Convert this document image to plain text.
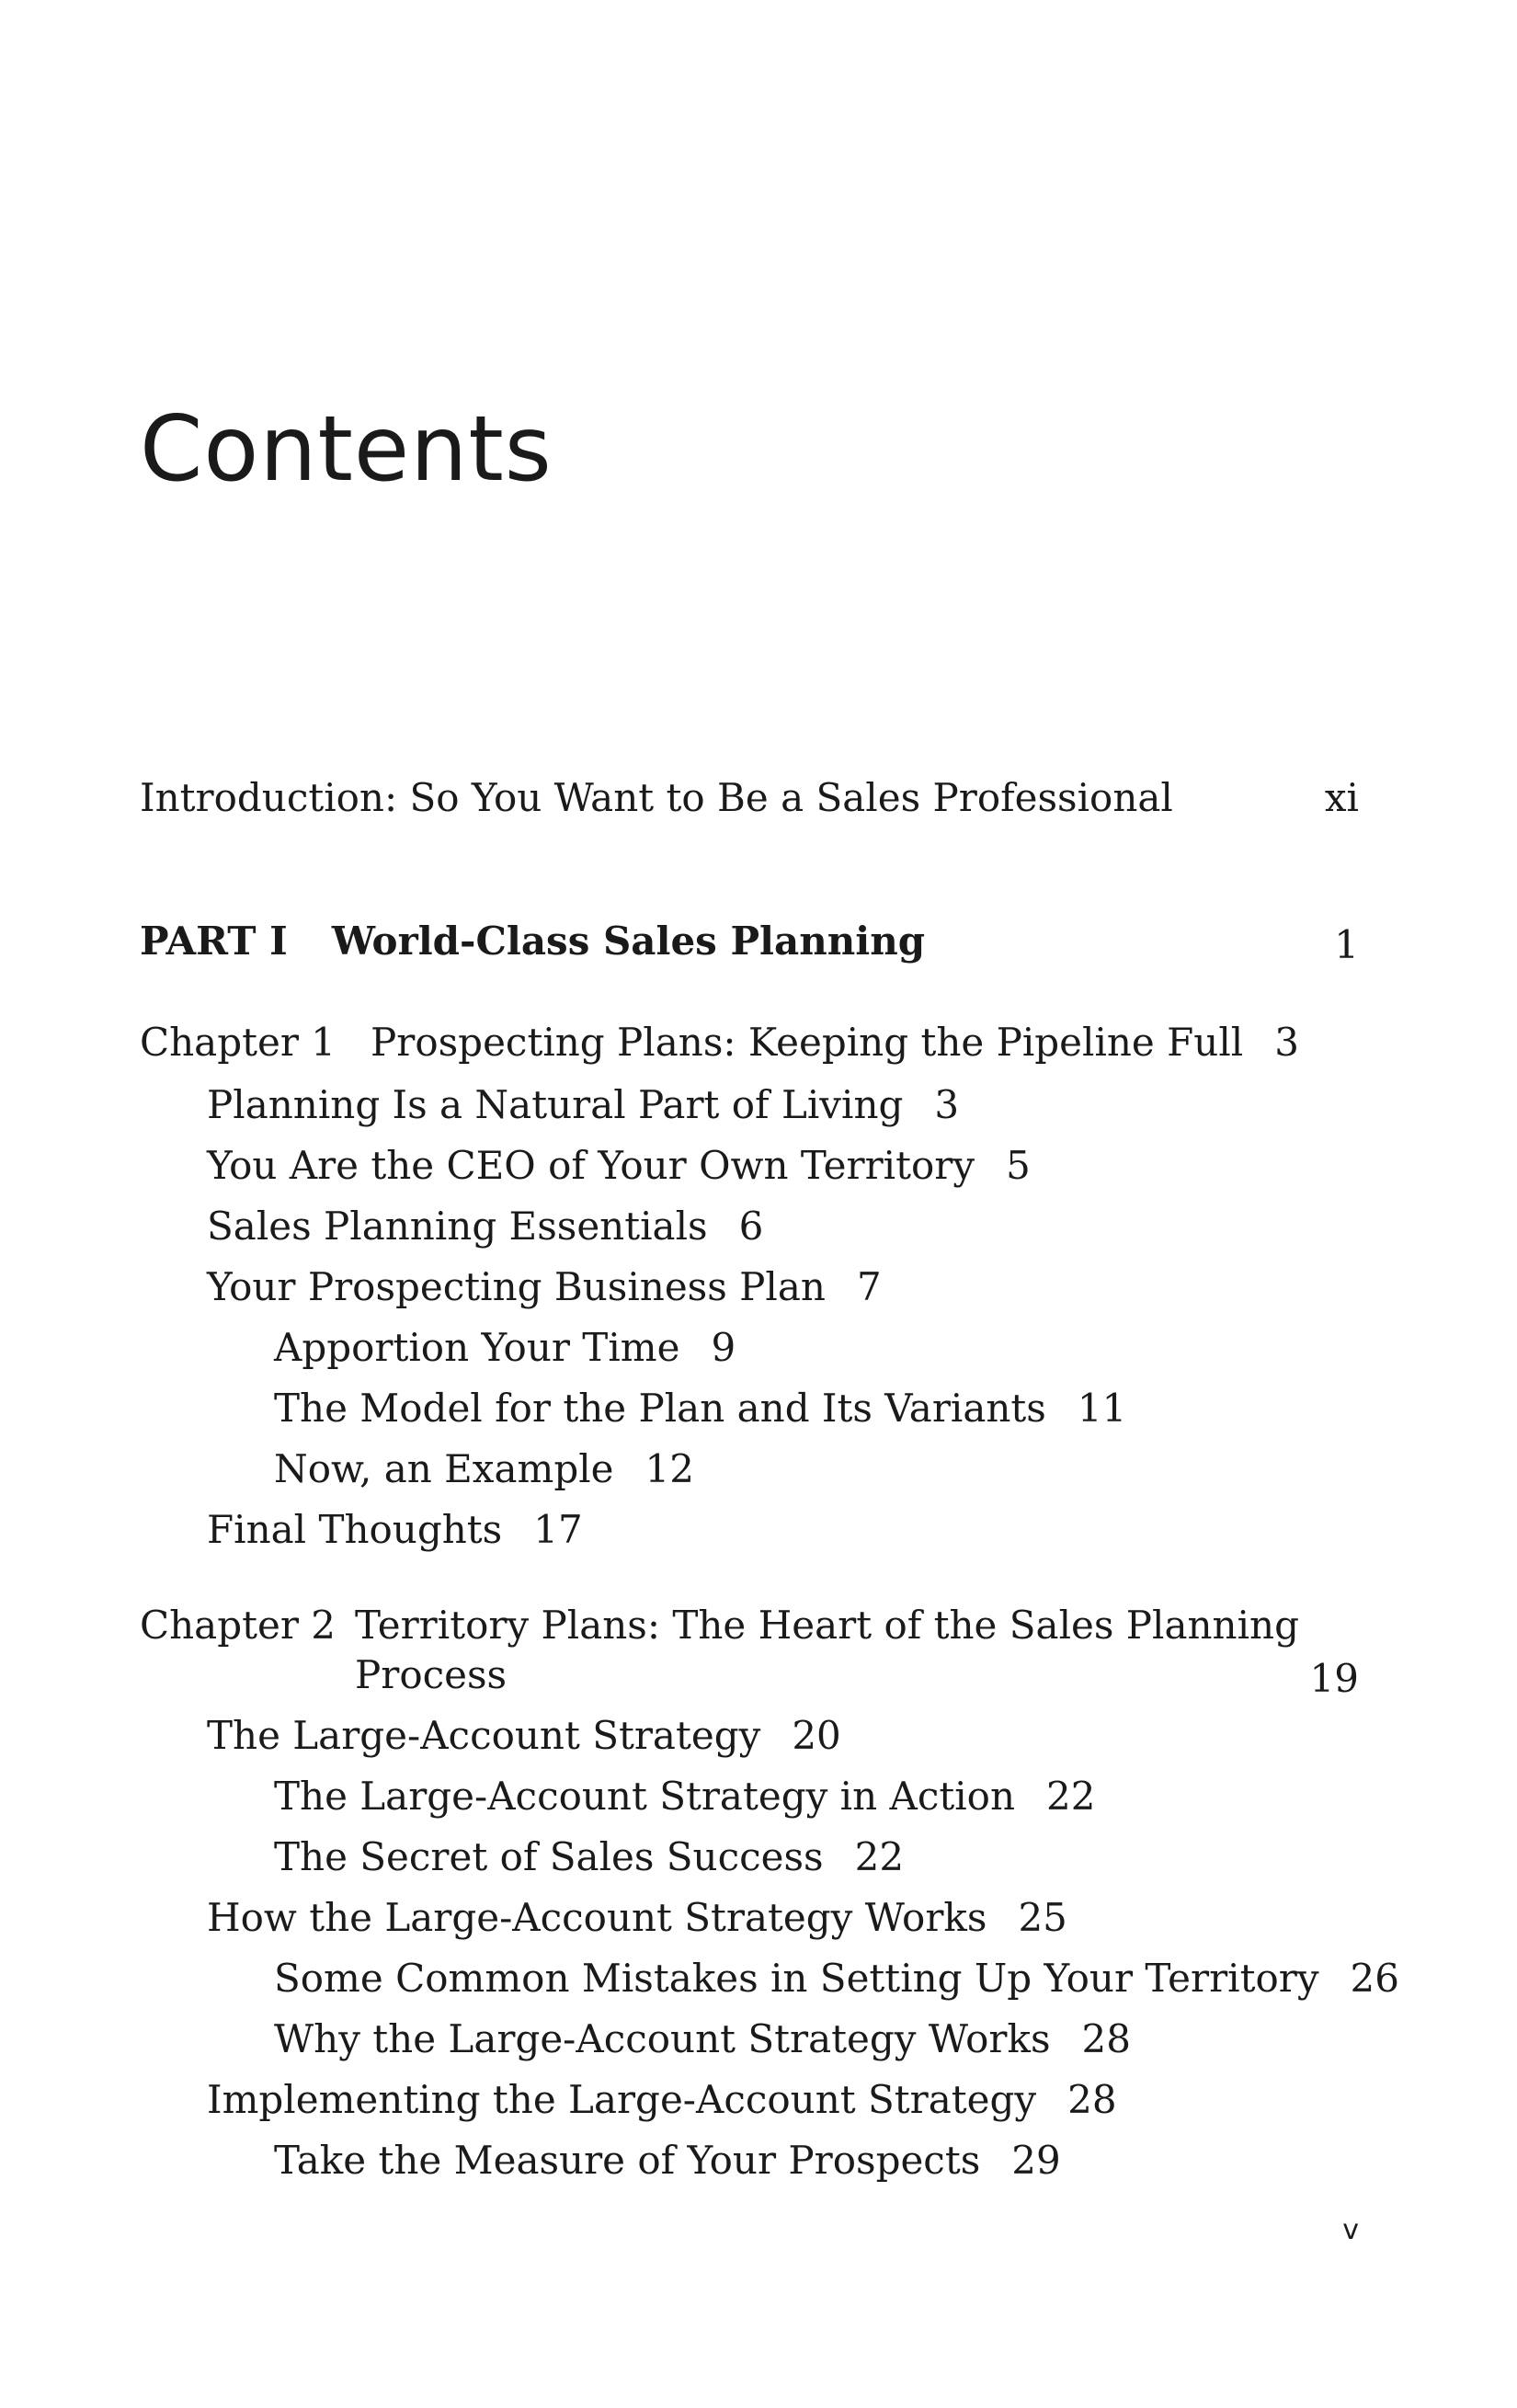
Contents
Introduction: So You Want to Be a Sales Professional	xi
PART I World-Class Sales Planning	1
Chapter 1 Prospecting Plans: Keeping the Pipeline Full 3
Planning Is a Natural Part of Living 3
You Are the CEO of Your Own Territory 5
Sales Planning Essentials 6
Your Prospecting Business Plan 7
Apportion Your Time 9
The Model for the Plan and Its Variants 11
Now, an Example 12
Final Thoughts 17
Chapter 2 Territory Plans: The Heart of the Sales Planning
Process	19
The Large-Account Strategy 20
The Large-Account Strategy in Action 22
The Secret of Sales Success 22
How the Large-Account Strategy Works 25
Some Common Mistakes in Setting Up Your Territory 26
Why the Large-Account Strategy Works 28
Implementing the Large-Account Strategy 28
Take the Measure of Your Prospects 29
v
